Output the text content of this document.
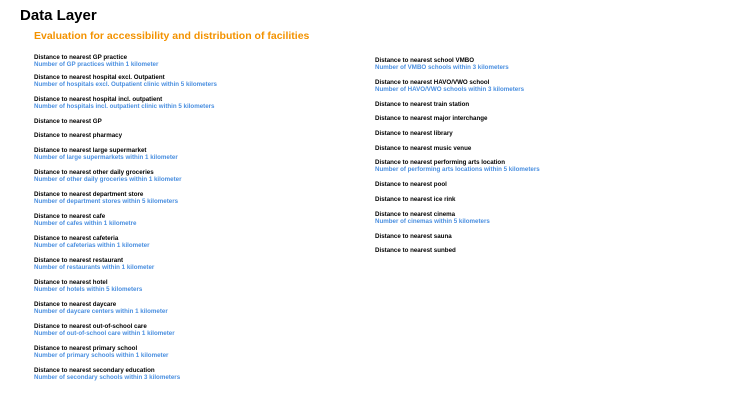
Data Layer
Evaluation for accessibility and distribution of facilities
Distance to nearest GP practice
Number of GP practices within 1 kilometer
Distance to nearest hospital excl. Outpatient
Number of hospitals excl. Outpatient clinic within 5 kilometers
Distance to nearest hospital incl. outpatient
Number of hospitals incl. outpatient clinic within 5 kilometers
Distance to nearest GP
Distance to nearest pharmacy
Distance to nearest large supermarket
Number of large supermarkets within 1 kilometer
Distance to nearest other daily groceries
Number of other daily groceries within 1 kilometer
Distance to nearest department store
Number of department stores within 5 kilometers
Distance to nearest cafe
Number of cafes within 1 kilometre
Distance to nearest cafeteria
Number of cafeterias within 1 kilometer
Distance to nearest restaurant
Number of restaurants within 1 kilometer
Distance to nearest hotel
Number of hotels within 5 kilometers
Distance to nearest daycare
Number of daycare centers within 1 kilometer
Distance to nearest out-of-school care
Number of out-of-school care within 1 kilometer
Distance to nearest primary school
Number of primary schools within 1 kilometer
Distance to nearest secondary education
Number of secondary schools within 3 kilometers
Distance to nearest school VMBO
Number of VMBO schools within 3 kilometers
Distance to nearest HAVO/VWO school
Number of HAVO/VWO schools within 3 kilometers
Distance to nearest train station
Distance to nearest major interchange
Distance to nearest library
Distance to nearest music venue
Distance to nearest performing arts location
Number of performing arts locations within 5 kilometers
Distance to nearest pool
Distance to nearest ice rink
Distance to nearest cinema
Number of cinemas within 5 kilometers
Distance to nearest sauna
Distance to nearest sunbed
